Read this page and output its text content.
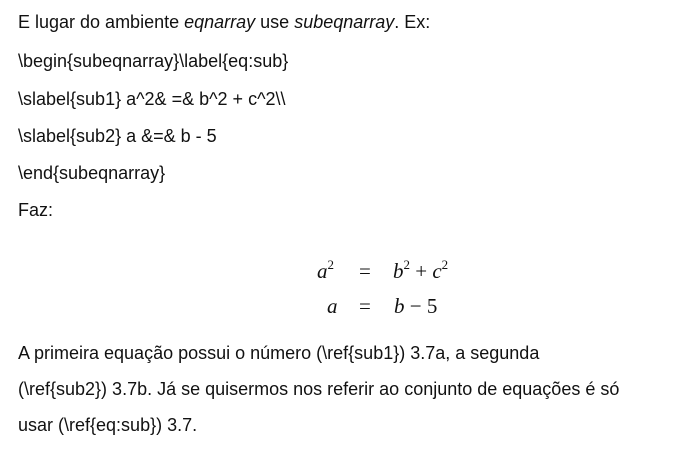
E lugar do ambiente eqnarray use subeqnarray. Ex:
\begin{subeqnarray}\label{eq:sub}
\slabel{sub1} a^2& =& b^2 + c^2\\
\slabel{sub2} a &=& b - 5
\end{subeqnarray}
Faz:
$a^2 = b^2 + c^2$
a = b − 5
A primeira equação possui o número (\ref{sub1}) 3.7a, a segunda
(\ref{sub2}) 3.7b. Já se quisermos nos referir ao conjunto de equações é só
usar (\ref{eq:sub}) 3.7.
